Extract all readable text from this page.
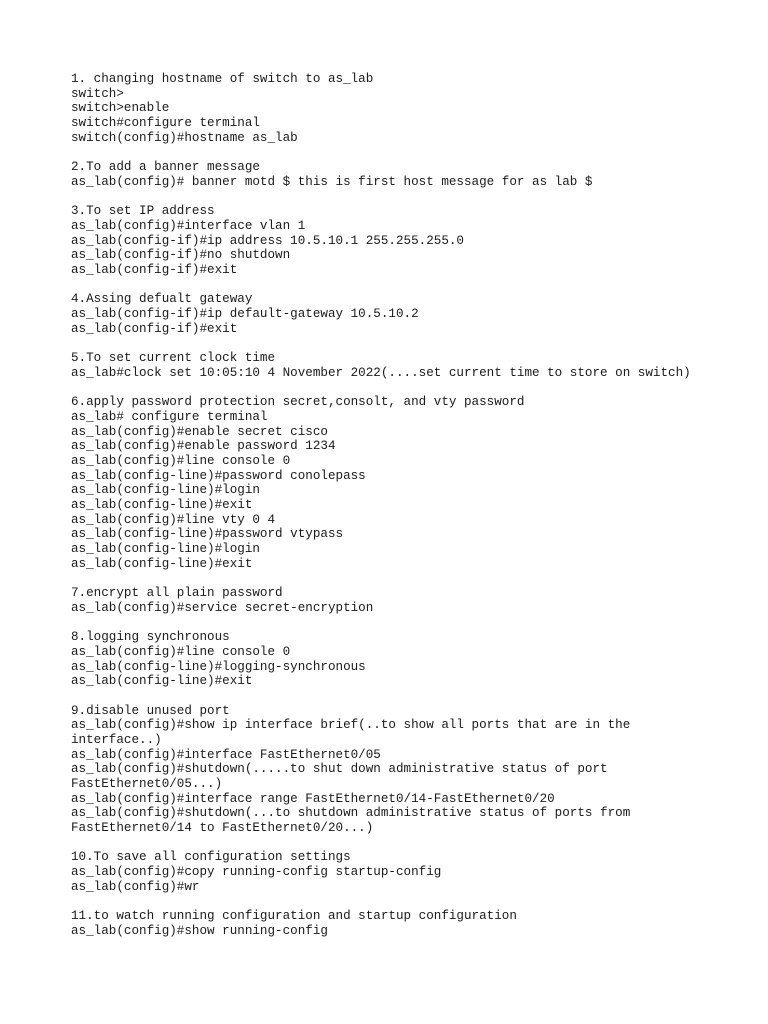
1. changing hostname of switch to as_lab
switch>
switch>enable
switch#configure terminal
switch(config)#hostname as_lab
2.To add a banner message
as_lab(config)# banner motd $ this is first host message for as lab $
3.To set IP address
as_lab(config)#interface vlan 1
as_lab(config-if)#ip address 10.5.10.1 255.255.255.0
as_lab(config-if)#no shutdown
as_lab(config-if)#exit
4.Assing defualt gateway
as_lab(config-if)#ip default-gateway 10.5.10.2
as_lab(config-if)#exit
5.To set current clock time
as_lab#clock set 10:05:10 4 November 2022(....set current time to store on switch)
6.apply password protection secret,consolt, and vty password
as_lab# configure terminal
as_lab(config)#enable secret cisco
as_lab(config)#enable password 1234
as_lab(config)#line console 0
as_lab(config-line)#password conolepass
as_lab(config-line)#login
as_lab(config-line)#exit
as_lab(config)#line vty 0 4
as_lab(config-line)#password vtypass
as_lab(config-line)#login
as_lab(config-line)#exit
7.encrypt all plain password
as_lab(config)#service secret-encryption
8.logging synchronous
as_lab(config)#line console 0
as_lab(config-line)#logging-synchronous
as_lab(config-line)#exit
9.disable unused port
as_lab(config)#show ip interface brief(..to show all ports that are in the
interface..)
as_lab(config)#interface FastEthernet0/05
as_lab(config)#shutdown(.....to shut down administrative status of port
FastEthernet0/05...)
as_lab(config)#interface range FastEthernet0/14-FastEthernet0/20
as_lab(config)#shutdown(...to shutdown administrative status of ports from
FastEthernet0/14 to FastEthernet0/20...)
10.To save all configuration settings
as_lab(config)#copy running-config startup-config
as_lab(config)#wr
11.to watch running configuration and startup configuration
as_lab(config)#show running-config
